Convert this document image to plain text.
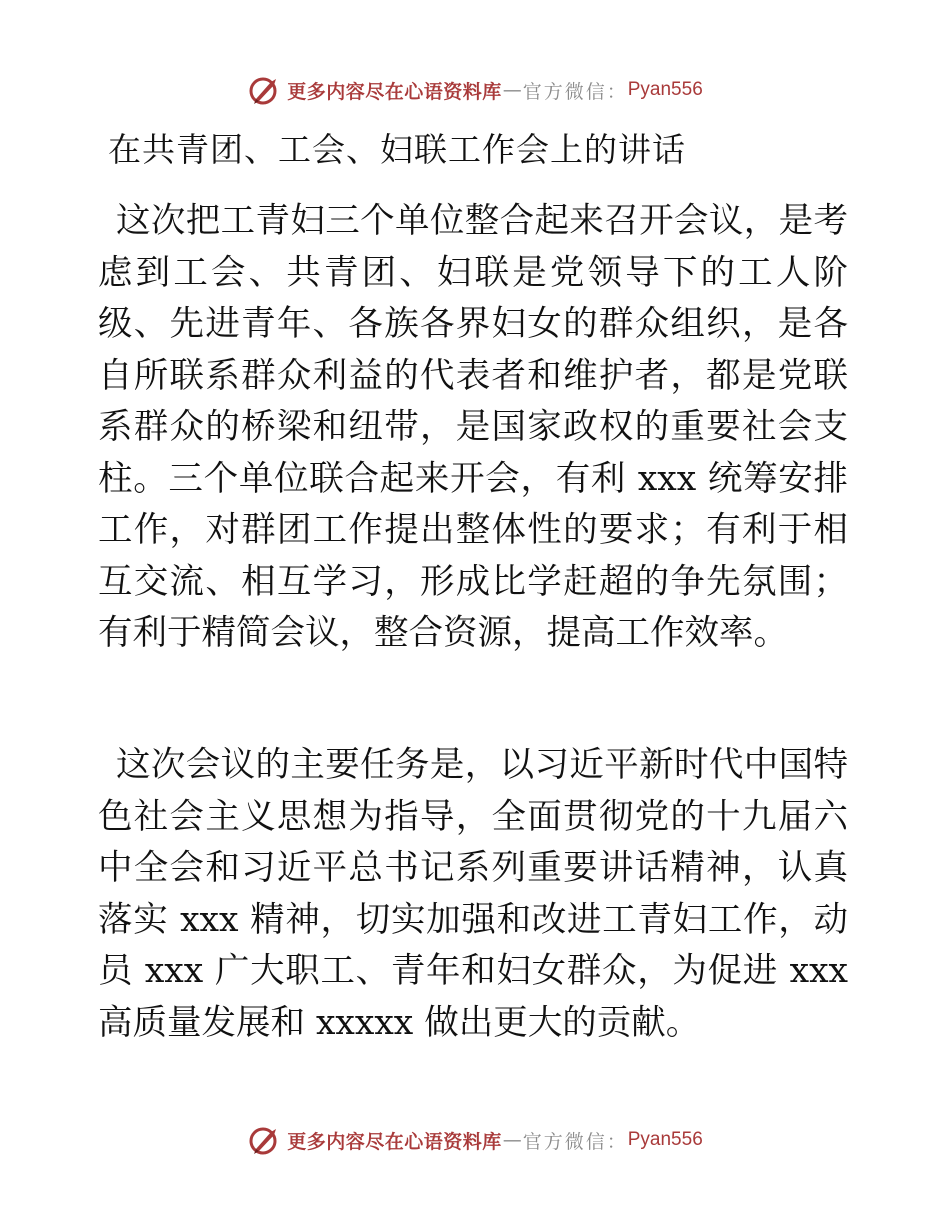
更多内容尽在心语资料库 — 官方微信： Pyan556
在共青团、工会、妇联工作会上的讲话

这次把工青妇三个单位整合起来召开会议，是考虑到工会、共青团、妇联是党领导下的工人阶级、先进青年、各族各界妇女的群众组织，是各自所联系群众利益的代表者和维护者，都是党联系群众的桥梁和纽带，是国家政权的重要社会支柱。三个单位联合起来开会，有利 xxx 统筹安排工作，对群团工作提出整体性的要求；有利于相互交流、相互学习，形成比学赶超的争先氛围；有利于精简会议，整合资源，提高工作效率。

这次会议的主要任务是，以习近平新时代中国特色社会主义思想为指导，全面贯彻党的十九届六中全会和习近平总书记系列重要讲话精神，认真落实 xxx 精神，切实加强和改进工青妇工作，动员 xxx 广大职工、青年和妇女群众，为促进 xxx 高质量发展和 xxxxx 做出更大的贡献。

更多内容尽在心语资料库 — 官方微信： Pyan556
